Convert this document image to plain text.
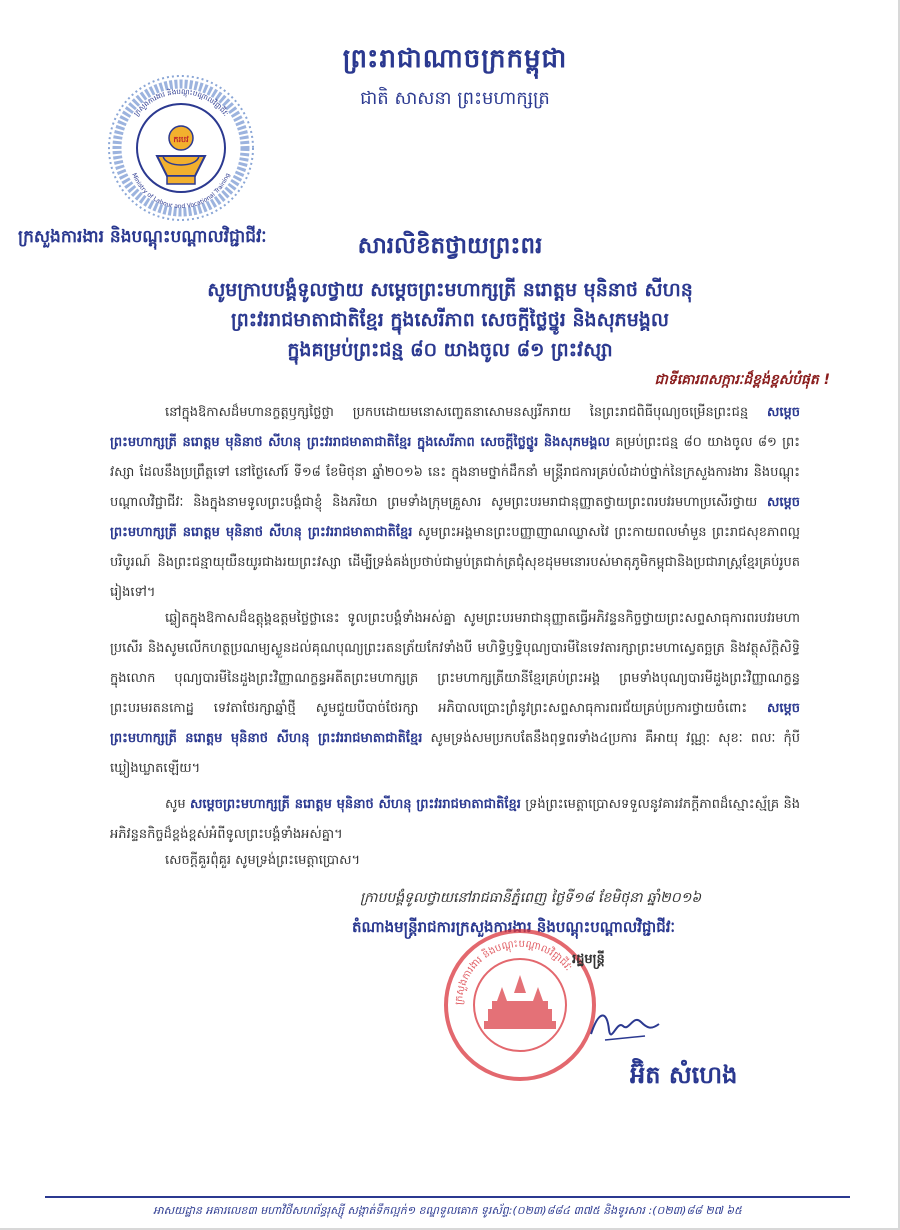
ព្រះរាជាណាចក្រកម្ពុជា
ជាតិ សាសនា ព្រះមហាក្សត្រ
ក្រសួងការងារ និងបណ្តុះបណ្តាលវិជ្ជាជីវៈ
Ministry of Labour and Vocational Training
ករបវ
ក្រសួងការងារ និងបណ្តុះបណ្តាលវិជ្ជាជីវៈ	សារលិខិតថ្វាយព្រះពរ
សូមក្រាបបង្គំទូលថ្វាយ សម្តេចព្រះមហាក្សត្រី នរោត្តម មុនិនាថ សីហនុ
ព្រះវររាជមាតាជាតិខ្មែរ ក្នុងសេរីភាព សេចក្តីថ្លៃថ្នូរ និងសុភមង្គល
ក្នុងគម្រប់ព្រះជន្ម ៨០ យាងចូល ៨១ ព្រះវស្សា
ជាទីគោរពសក្ការៈដ៏ខ្ពង់ខ្ពស់បំផុត !
នៅក្នុងឱកាសដ៏មហានក្ខត្តឫក្សថ្លៃថ្លា ប្រកបដោយមនោសញ្ចេតនាសោមនស្សរីករាយ នៃព្រះរាជពិធីបុណ្យចម្រើនព្រះជន្ម សម្តេចព្រះមហាក្សត្រី នរោត្តម មុនិនាថ សីហនុ ព្រះវររាជមាតាជាតិខ្មែរ ក្នុងសេរីភាព សេចក្តីថ្លៃថ្នូរ និងសុភមង្គល គម្រប់ព្រះជន្ម ៨០ យាងចូល ៨១ ព្រះវស្សា ដែលនឹងប្រព្រឹត្តទៅ នៅថ្ងៃសៅរ៍ ទី១៨ ខែមិថុនា ឆ្នាំ២០១៦ នេះ ក្នុងនាមថ្នាក់ដឹកនាំ មន្ត្រីរាជការគ្រប់លំដាប់ថ្នាក់នៃក្រសួងការងារ និងបណ្តុះបណ្តាលវិជ្ជាជីវៈ និងក្នុងនាមទូលព្រះបង្គំជាខ្ញុំ និងភរិយា ព្រមទាំងក្រុមគ្រួសារ សូមព្រះបរមរាជានុញ្ញាតថ្វាយព្រះពរបវរមហាប្រសើរថ្វាយ សម្តេចព្រះមហាក្សត្រី នរោត្តម មុនិនាថ សីហនុ ព្រះវររាជមាតាជាតិខ្មែរ សូមព្រះអង្គមានព្រះបញ្ញាញាណឈ្លាសវៃ ព្រះកាយពលមាំមួន ព្រះរាជសុខភាពល្អបរិបូរណ៍ និងព្រះជន្មាយុយឺនយូរជាងរយព្រះវស្សា ដើម្បីទ្រង់គង់ប្រថាប់ជាម្លប់ត្រជាក់ត្រជុំសុខដុមមនោរបស់មាតុភូមិកម្ពុជានិងប្រជារាស្ត្រខ្មែរគ្រប់រូបតរៀងទៅ។
ឆ្លៀតក្នុងឱកាសដ៏ឧត្តុង្គឧត្តមថ្លៃថ្លានេះ ទូលព្រះបង្គំទាំងអស់គ្នា សូមព្រះបរមរាជានុញ្ញាតធ្វើអភិវន្ទនកិច្ចថ្វាយព្រះសព្ទសាធុការពរបវរមហាប្រសើរ និងសូមលើកហត្ថប្រណម្យស្ងួនដល់គុណបុណ្យព្រះរតនត្រ័យកែវទាំងបី មហិទ្ធិឫទ្ធិបុណ្យបារមីនៃទេវតារក្សាព្រះមហាស្វេតច្ឆត្រ និងវត្ថុស័ក្តិសិទ្ធិក្នុងលោក បុណ្យបារមីនៃដួងព្រះវិញ្ញាណក្ខន្ធអតីតព្រះមហាក្សត្រ ព្រះមហាក្សត្រីយានីខ្មែរគ្រប់ព្រះអង្គ ព្រមទាំងបុណ្យបារមីដួងព្រះវិញ្ញាណក្ខន្ធ ព្រះបរមរតនកោដ្ឋ ទេវតាថែរក្សាឆ្នាំថ្មី សូមជួយបីបាច់ថែរក្សា អភិបាលប្រោះព្រំនូវព្រះសព្ទសាធុការពរជ័យគ្រប់ប្រការថ្វាយចំពោះ សម្តេចព្រះមហាក្សត្រី នរោត្តម មុនិនាថ សីហនុ ព្រះវររាជមាតាជាតិខ្មែរ សូមទ្រង់សមប្រកបតែនឹងពុទ្ធពរទាំង៤ប្រការ គឺអាយុ វណ្ណៈ សុខៈ ពលៈ កុំបីឃ្លៀងឃ្លាតឡើយ។
សូម សម្តេចព្រះមហាក្សត្រី នរោត្តម មុនិនាថ សីហនុ ព្រះវររាជមាតាជាតិខ្មែរ ទ្រង់ព្រះមេត្តាប្រោសទទួលនូវគារវភក្តីភាពដ៏ស្មោះស្ម័គ្រ និងអភិវន្ទនកិច្ចដ៏ខ្ពង់ខ្ពស់អំពីទូលព្រះបង្គំទាំងអស់គ្នា។
សេចក្តីគួរពុំគួរ សូមទ្រង់ព្រះមេត្តាប្រោស។
ក្រាបបង្គំទូលថ្វាយនៅរាជធានីភ្នំពេញ ថ្ងៃទី១៨ ខែមិថុនា ឆ្នាំ២០១៦
តំណាងមន្ត្រីរាជការក្រសួងការងារ និងបណ្តុះបណ្តាលវិជ្ជាជីវៈ
ក្រសួងការងារ និងបណ្តុះបណ្តាលវិជ្ជាជីវៈ
រដ្ឋមន្ត្រី
អ៊ិត សំហេង
អាសយដ្ឋាន អគារលេខ៣ មហាវិថីសហព័ន្ធរុស្ស៊ី សង្កាត់ទឹកល្អក់១ ខណ្ឌទួលគោក ទូរស័ព្ទ:(០២៣)៨៨៤ ៣៧៥ និងទូរសារ :(០២៣)៨៨ ២៧ ៦៥
